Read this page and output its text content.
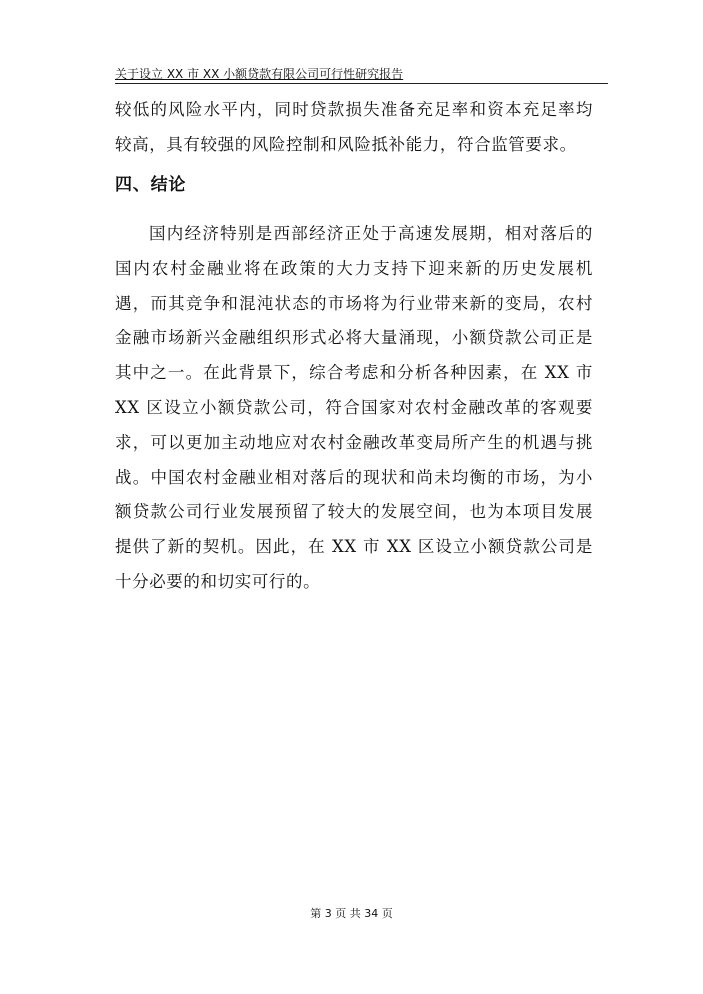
关于设立 XX 市 XX 小额贷款有限公司可行性研究报告

较低的风险水平内，同时贷款损失准备充足率和资本充足率均较高，具有较强的风险控制和风险抵补能力，符合监管要求。

四、结论

国内经济特别是西部经济正处于高速发展期，相对落后的国内农村金融业将在政策的大力支持下迎来新的历史发展机遇，而其竞争和混沌状态的市场将为行业带来新的变局，农村金融市场新兴金融组织形式必将大量涌现，小额贷款公司正是其中之一。在此背景下，综合考虑和分析各种因素，在 XX 市 XX 区设立小额贷款公司，符合国家对农村金融改革的客观要求，可以更加主动地应对农村金融改革变局所产生的机遇与挑战。中国农村金融业相对落后的现状和尚未均衡的市场，为小额贷款公司行业发展预留了较大的发展空间，也为本项目发展提供了新的契机。因此，在 XX 市 XX 区设立小额贷款公司是十分必要的和切实可行的。

第 3 页 共 34 页
